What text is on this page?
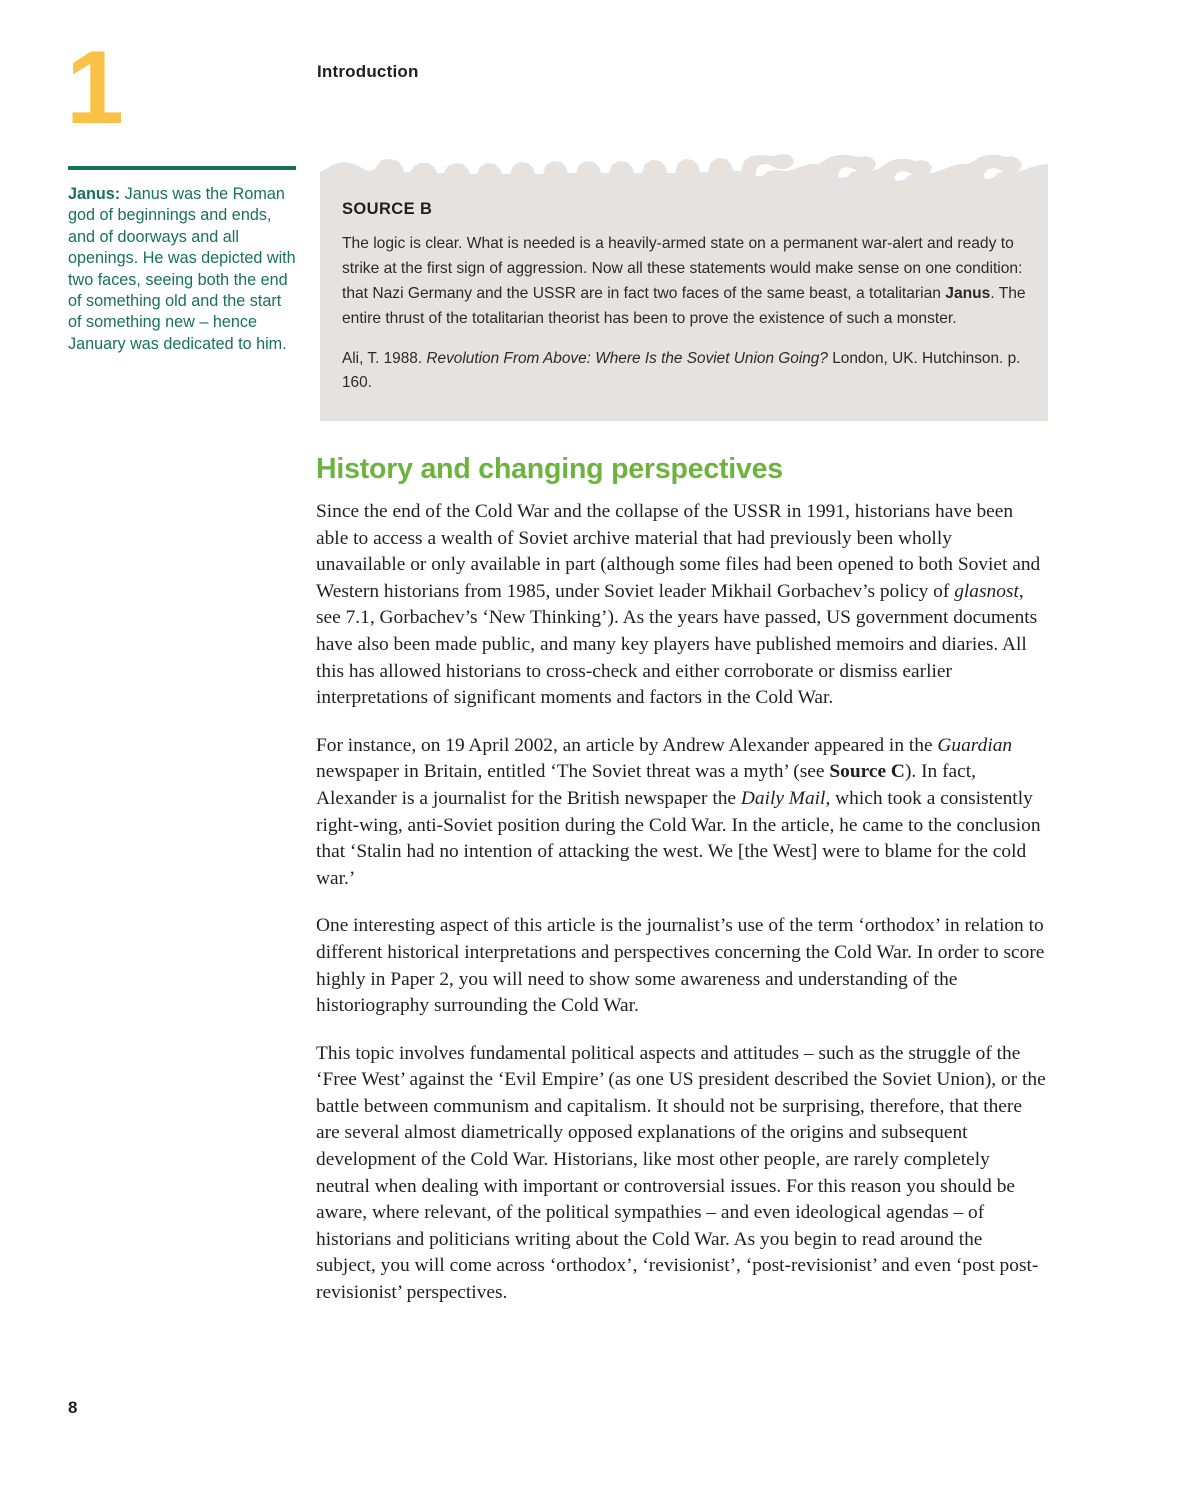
1	Introduction
Janus: Janus was the Roman god of beginnings and ends, and of doorways and all openings. He was depicted with two faces, seeing both the end of something old and the start of something new – hence January was dedicated to him.
SOURCE B

The logic is clear. What is needed is a heavily-armed state on a permanent war-alert and ready to strike at the first sign of aggression. Now all these statements would make sense on one condition: that Nazi Germany and the USSR are in fact two faces of the same beast, a totalitarian Janus. The entire thrust of the totalitarian theorist has been to prove the existence of such a monster.

Ali, T. 1988. Revolution From Above: Where Is the Soviet Union Going? London, UK. Hutchinson. p. 160.

History and changing perspectives

Since the end of the Cold War and the collapse of the USSR in 1991, historians have been able to access a wealth of Soviet archive material that had previously been wholly unavailable or only available in part (although some files had been opened to both Soviet and Western historians from 1985, under Soviet leader Mikhail Gorbachev’s policy of glasnost, see 7.1, Gorbachev’s ‘New Thinking’). As the years have passed, US government documents have also been made public, and many key players have published memoirs and diaries. All this has allowed historians to cross-check and either corroborate or dismiss earlier interpretations of significant moments and factors in the Cold War.

For instance, on 19 April 2002, an article by Andrew Alexander appeared in the Guardian newspaper in Britain, entitled ‘The Soviet threat was a myth’ (see Source C). In fact, Alexander is a journalist for the British newspaper the Daily Mail, which took a consistently right-wing, anti-Soviet position during the Cold War. In the article, he came to the conclusion that ‘Stalin had no intention of attacking the west. We [the West] were to blame for the cold war.’

One interesting aspect of this article is the journalist’s use of the term ‘orthodox’ in relation to different historical interpretations and perspectives concerning the Cold War. In order to score highly in Paper 2, you will need to show some awareness and understanding of the historiography surrounding the Cold War.

This topic involves fundamental political aspects and attitudes – such as the struggle of the ‘Free West’ against the ‘Evil Empire’ (as one US president described the Soviet Union), or the battle between communism and capitalism. It should not be surprising, therefore, that there are several almost diametrically opposed explanations of the origins and subsequent development of the Cold War. Historians, like most other people, are rarely completely neutral when dealing with important or controversial issues. For this reason you should be aware, where relevant, of the political sympathies – and even ideological agendas – of historians and politicians writing about the Cold War. As you begin to read around the subject, you will come across ‘orthodox’, ‘revisionist’, ‘post-revisionist’ and even ‘post post-revisionist’ perspectives.

8
